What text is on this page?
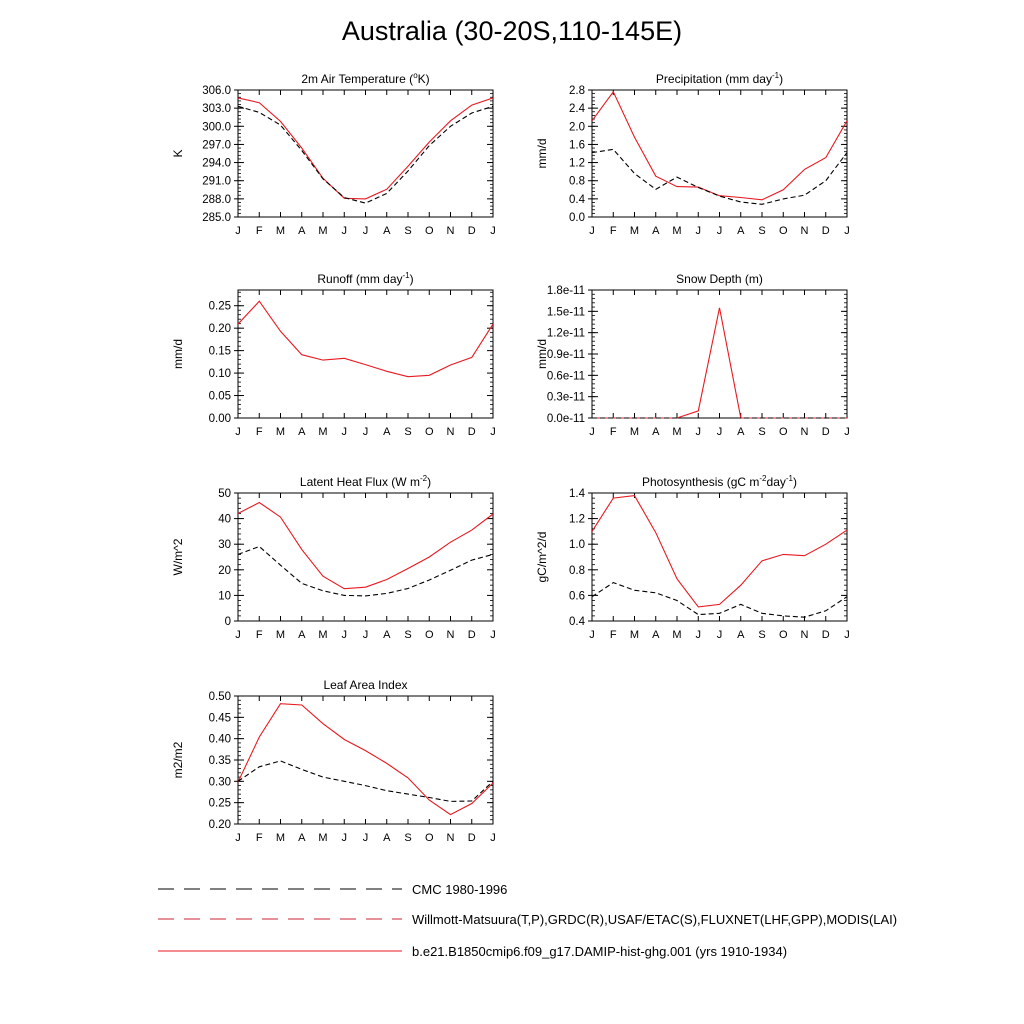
Australia (30-20S,110-145E)
J F M A M J J A S O N D J
285.0
288.0
291.0
294.0
297.0
300.0
303.0
306.0
K
2m Air Temperature ($^o$K)
J F M A M J J A S O N D J
0.0
0.4
0.8
1.2
1.6
2.0
2.4
2.8
mm/d
Precipitation (mm day$^{-1}$)
J F M A M J J A S O N D J
0.00
0.05
0.10
0.15
0.20
0.25
mm/d
Runoff (mm day$^{-1}$)
J F M A M J J A S O N D J
0.0e-11
0.3e-11
0.6e-11
0.9e-11
1.2e-11
1.5e-11
1.8e-11
mm/d
Snow Depth (m)
J F M A M J J A S O N D J
0
10
20
30
40
50
W/m^2
Latent Heat Flux (W $m^{-2}$)
J F M A M J J A S O N D J
0.4
0.6
0.8
1.0
1.2
1.4
gC/m^2/d
Photosynthesis (gC $m^{-2}day^{-1}$)
J F M A M J J A S O N D J
0.20
0.25
0.30
0.35
0.40
0.45
0.50
m2/m2
Leaf Area Index
CMC 1980-1996
Willmott-Matsuura(T,P),GRDC(R),USAF/ETAC(S),FLUXNET(LHF,GPP),MODIS(LAI)
b.e21.B1850cmip6.f09_g17.DAMIP-hist-ghg.001 (yrs 1910-1934)
